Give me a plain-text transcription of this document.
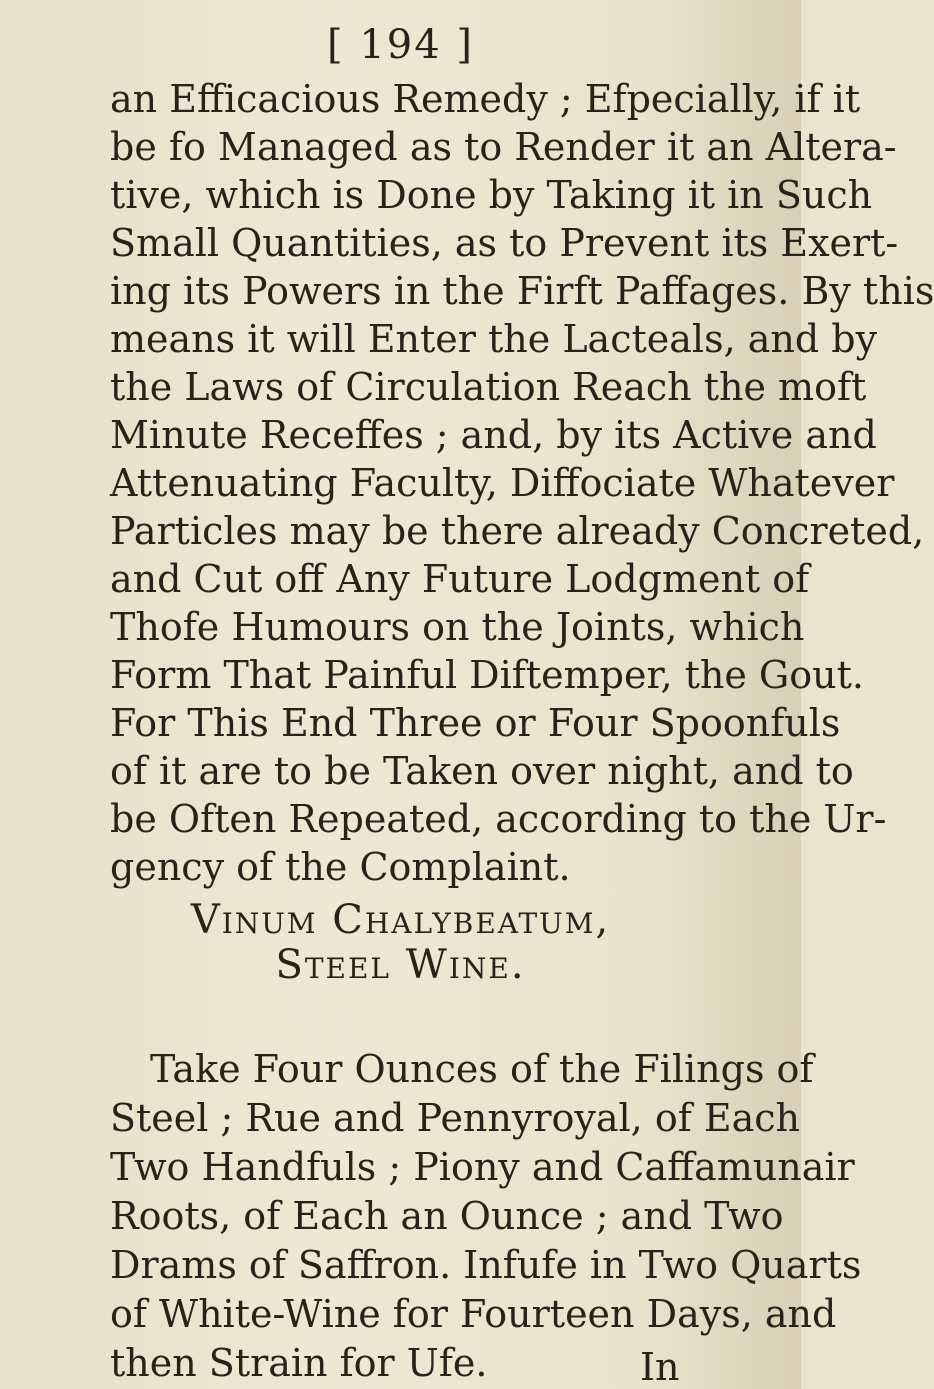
[ 194 ]
an Efficacious Remedy ; Efpecially, if it
be fo Managed as to Render it an Altera-
tive, which is Done by Taking it in Such
Small Quantities, as to Prevent its Exert-
ing its Powers in the Firft Paffages. By this
means it will Enter the Lacteals, and by
the Laws of Circulation Reach the moft
Minute Receffes ; and, by its Active and
Attenuating Faculty, Diffociate Whatever
Particles may be there already Concreted,
and Cut off Any Future Lodgment of
Thofe Humours on the Joints, which
Form That Painful Diftemper, the Gout.
For This End Three or Four Spoonfuls
of it are to be Taken over night, and to
be Often Repeated, according to the Ur-
gency of the Complaint.
Vinum Chalybeatum,
Steel Wine.
Take Four Ounces of the Filings of
Steel ; Rue and Pennyroyal, of Each
Two Handfuls ; Piony and Caffamunair
Roots, of Each an Ounce ; and Two
Drams of Saffron. Infufe in Two Quarts
of White-Wine for Fourteen Days, and
then Strain for Ufe.	In
